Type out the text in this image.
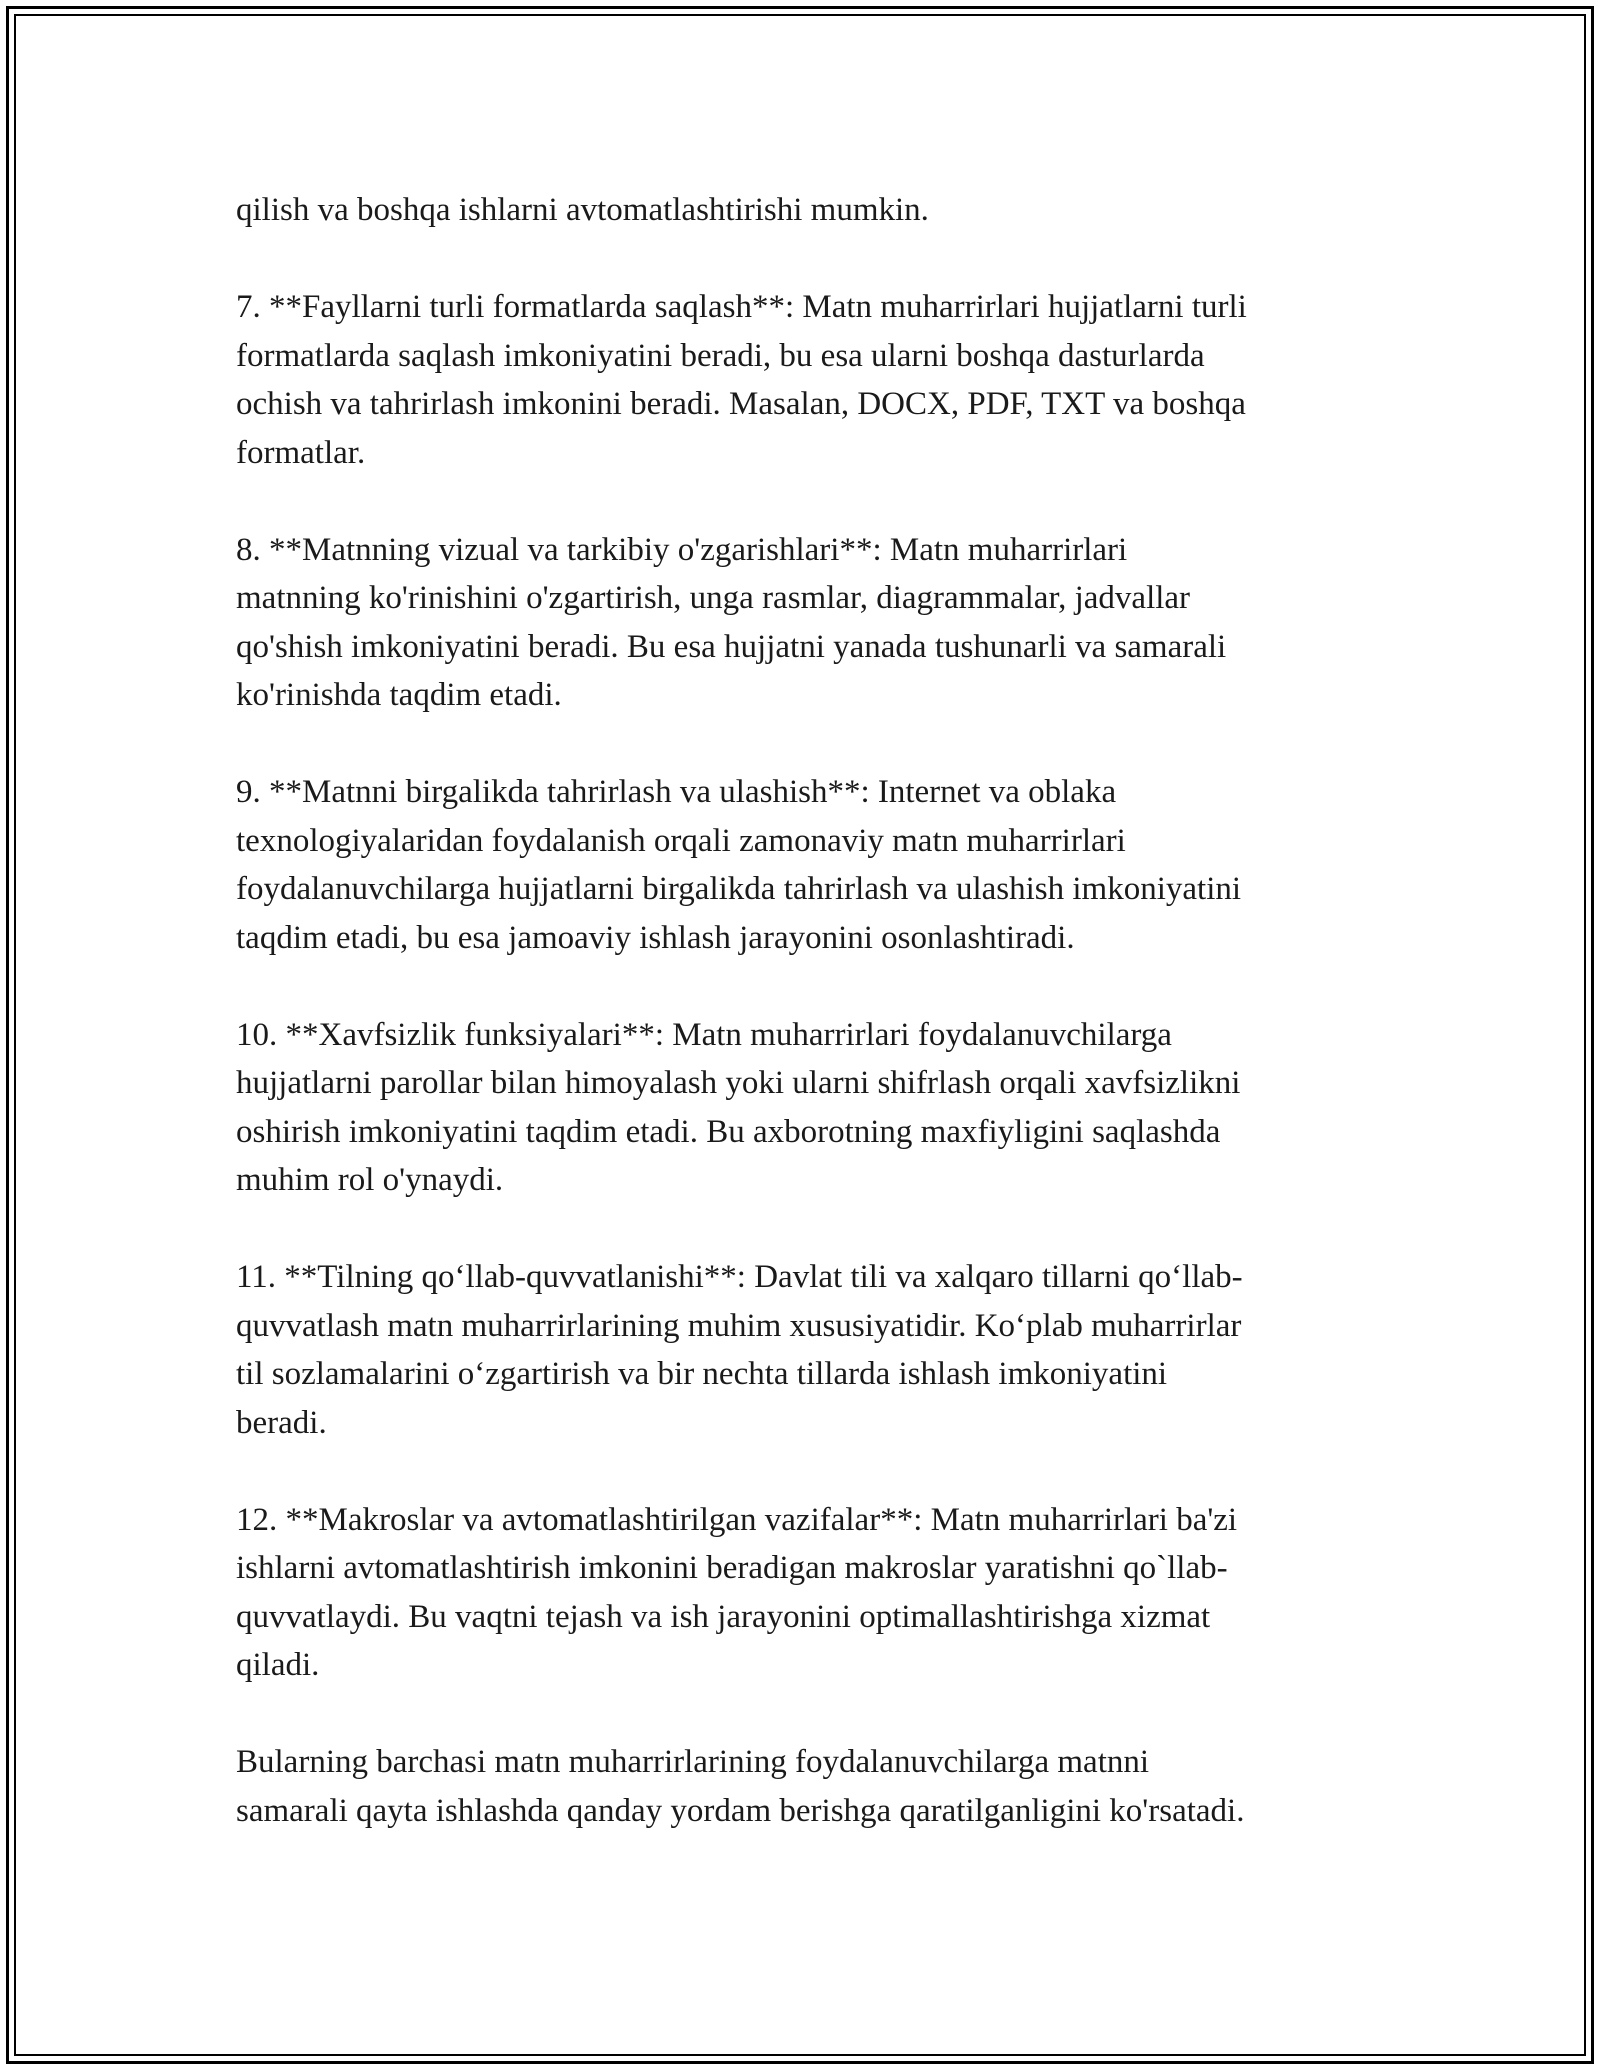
qilish va boshqa ishlarni avtomatlashtirishi mumkin.

7. **Fayllarni turli formatlarda saqlash**: Matn muharrirlari hujjatlarni turli
formatlarda saqlash imkoniyatini beradi, bu esa ularni boshqa dasturlarda
ochish va tahrirlash imkonini beradi. Masalan, DOCX, PDF, TXT va boshqa
formatlar.

8. **Matnning vizual va tarkibiy o'zgarishlari**: Matn muharrirlari
matnning ko'rinishini o'zgartirish, unga rasmlar, diagrammalar, jadvallar
qo'shish imkoniyatini beradi. Bu esa hujjatni yanada tushunarli va samarali
ko'rinishda taqdim etadi.

9. **Matnni birgalikda tahrirlash va ulashish**: Internet va oblaka
texnologiyalaridan foydalanish orqali zamonaviy matn muharrirlari
foydalanuvchilarga hujjatlarni birgalikda tahrirlash va ulashish imkoniyatini
taqdim etadi, bu esa jamoaviy ishlash jarayonini osonlashtiradi.

10. **Xavfsizlik funksiyalari**: Matn muharrirlari foydalanuvchilarga
hujjatlarni parollar bilan himoyalash yoki ularni shifrlash orqali xavfsizlikni
oshirish imkoniyatini taqdim etadi. Bu axborotning maxfiyligini saqlashda
muhim rol o'ynaydi.

11. **Tilning qo‘llab-quvvatlanishi**: Davlat tili va xalqaro tillarni qo‘llab-
quvvatlash matn muharrirlarining muhim xususiyatidir. Ko‘plab muharrirlar
til sozlamalarini o‘zgartirish va bir nechta tillarda ishlash imkoniyatini
beradi.

12. **Makroslar va avtomatlashtirilgan vazifalar**: Matn muharrirlari ba'zi
ishlarni avtomatlashtirish imkonini beradigan makroslar yaratishni qo`llab-
quvvatlaydi. Bu vaqtni tejash va ish jarayonini optimallashtirishga xizmat
qiladi.

Bularning barchasi matn muharrirlarining foydalanuvchilarga matnni
samarali qayta ishlashda qanday yordam berishga qaratilganligini ko'rsatadi.
